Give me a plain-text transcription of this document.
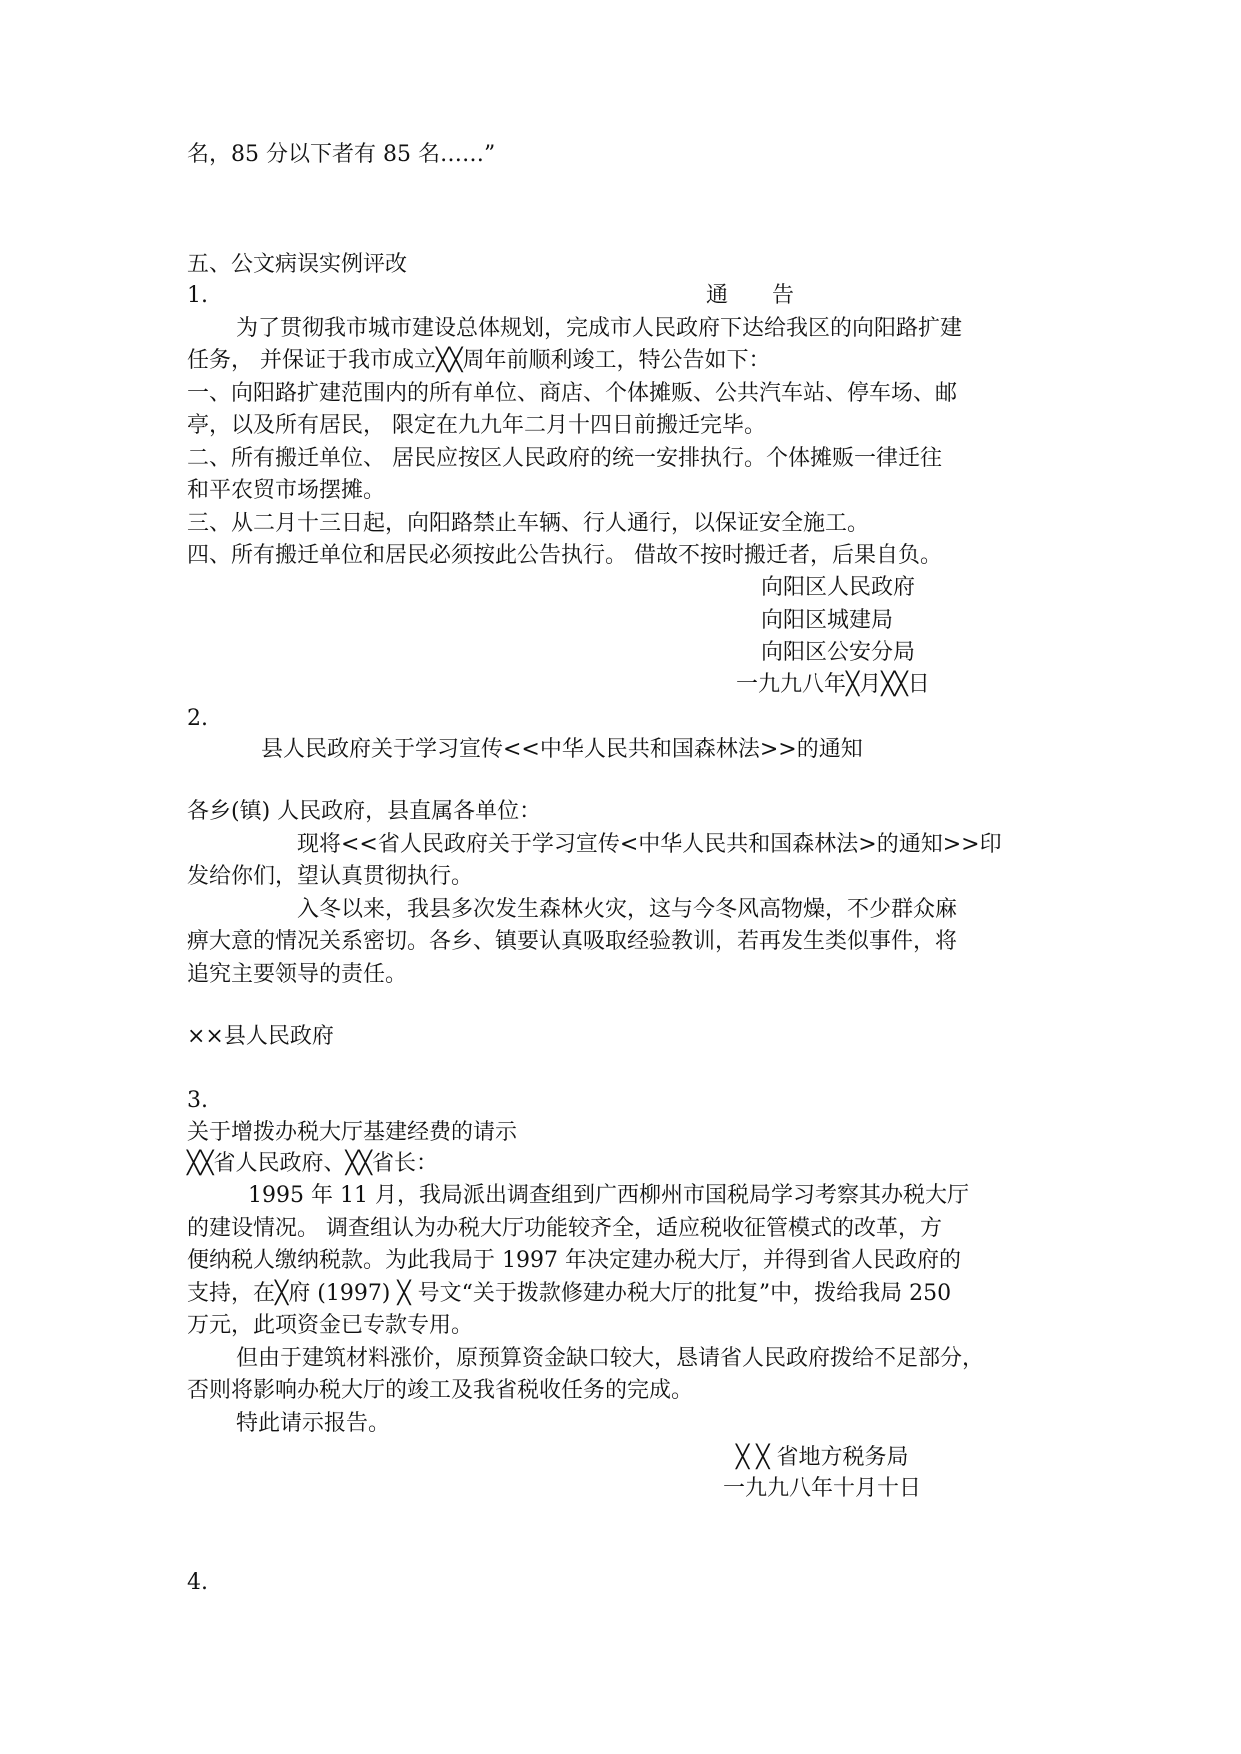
名，85 分以下者有 85 名……”
五、公文病误实例评改
1.	通　　告
为了贯彻我市城市建设总体规划，完成市人民政府下达给我区的向阳路扩建
任务， 并保证于我市成立╳╳周年前顺利竣工，特公告如下：
一、向阳路扩建范围内的所有单位、商店、个体摊贩、公共汽车站、停车场、邮
亭，以及所有居民， 限定在九九年二月十四日前搬迁完毕。
二、所有搬迁单位、 居民应按区人民政府的统一安排执行。个体摊贩一律迁往
和平农贸市场摆摊。
三、从二月十三日起，向阳路禁止车辆、行人通行，以保证安全施工。
四、所有搬迁单位和居民必须按此公告执行。 借故不按时搬迁者，后果自负。
向阳区人民政府
向阳区城建局
向阳区公安分局
一九九八年╳月╳╳日
2.
县人民政府关于学习宣传<<中华人民共和国森林法>>的通知
各乡(镇) 人民政府，县直属各单位：
现将<<省人民政府关于学习宣传<中华人民共和国森林法>的通知>>印
发给你们，望认真贯彻执行。
入冬以来，我县多次发生森林火灾，这与今冬风高物燥，不少群众麻
痹大意的情况关系密切。各乡、镇要认真吸取经验教训，若再发生类似事件，将
追究主要领导的责任。
××县人民政府
3.
关于增拨办税大厅基建经费的请示
╳╳省人民政府、╳╳省长：
1995 年 11 月，我局派出调查组到广西柳州市国税局学习考察其办税大厅
的建设情况。 调查组认为办税大厅功能较齐全，适应税收征管模式的改革，方
便纳税人缴纳税款。为此我局于 1997 年决定建办税大厅，并得到省人民政府的
支持，在╳府 (1997) ╳ 号文“关于拨款修建办税大厅的批复”中，拨给我局 250
万元，此项资金已专款专用。
但由于建筑材料涨价，原预算资金缺口较大，恳请省人民政府拨给不足部分，
否则将影响办税大厅的竣工及我省税收任务的完成。
特此请示报告。
╳ ╳ 省地方税务局
一九九八年十月十日
4.
